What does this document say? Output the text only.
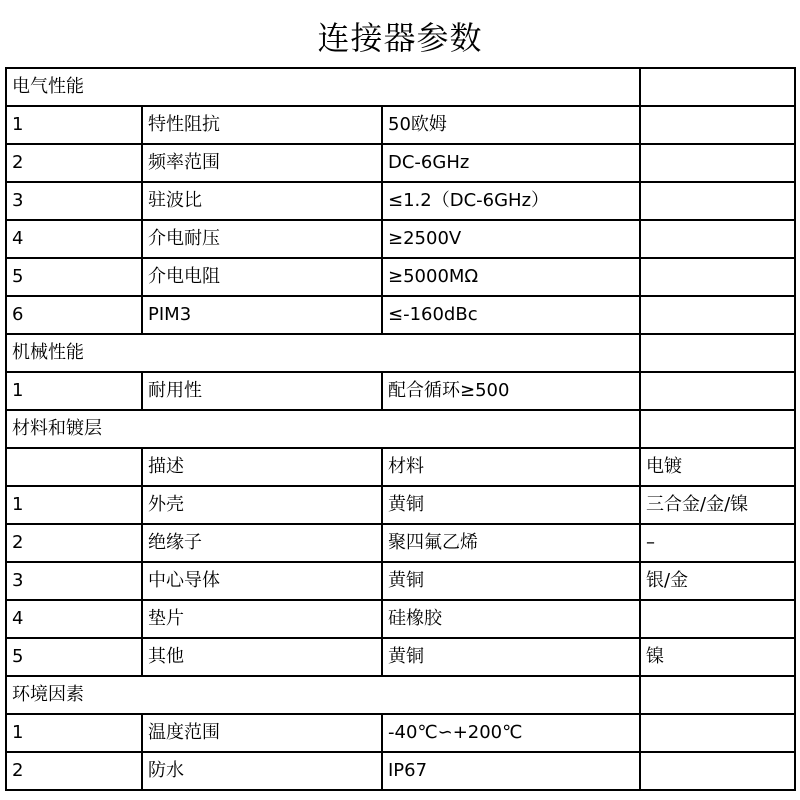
连接器参数
电气性能			
1	特性阻抗	50欧姆	
2	频率范围	DC-6GHz	
3	驻波比	≤1.2（DC-6GHz）	
4	介电耐压	≥2500V	
5	介电电阻	≥5000MΩ	
6	PIM3	≤-160dBc	
机械性能			
1	耐用性	配合循环≥500	
材料和镀层			
	描述	材料	电镀
1	外壳	黄铜	三合金/金/镍
2	绝缘子	聚四氟乙烯	–
3	中心导体	黄铜	银/金
4	垫片	硅橡胶	
5	其他	黄铜	镍
环境因素			
1	温度范围	-40℃∽+200℃	
2	防水	IP67	
